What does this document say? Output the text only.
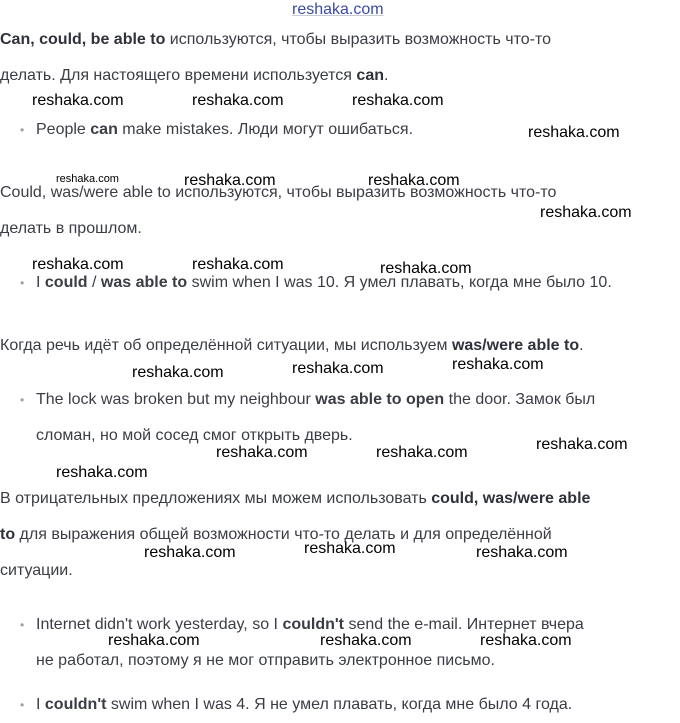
reshaka.com

Can, could, be able to используются, чтобы выразить возможность что-то

делать. Для настоящего времени используется can.

• People can make mistakes. Люди могут ошибаться.

Could, was/were able to используются, чтобы выразить возможность что-то

делать в прошлом.

• I could / was able to swim when I was 10. Я умел плавать, когда мне было 10.

Когда речь идёт об определённой ситуации, мы используем was/were able to.

• The lock was broken but my neighbour was able to open the door. Замок был

сломан, но мой сосед смог открыть дверь.

В отрицательных предложениях мы можем использовать could, was/were able

to для выражения общей возможности что-то делать и для определённой

ситуации.

• Internet didn't work yesterday, so I couldn't send the e-mail. Интернет вчера

не работал, поэтому я не мог отправить электронное письмо.

• I couldn't swim when I was 4. Я не умел плавать, когда мне было 4 года.
reshaka.com	reshaka.com	reshaka.com
reshaka.com
reshaka.com	reshaka.com	reshaka.com
reshaka.com
reshaka.com	reshaka.com	reshaka.com
reshaka.com
reshaka.com
reshaka.com
reshaka.com
reshaka.com	reshaka.com
reshaka.com
reshaka.com
reshaka.com	reshaka.com
reshaka.com	reshaka.com	reshaka.com
